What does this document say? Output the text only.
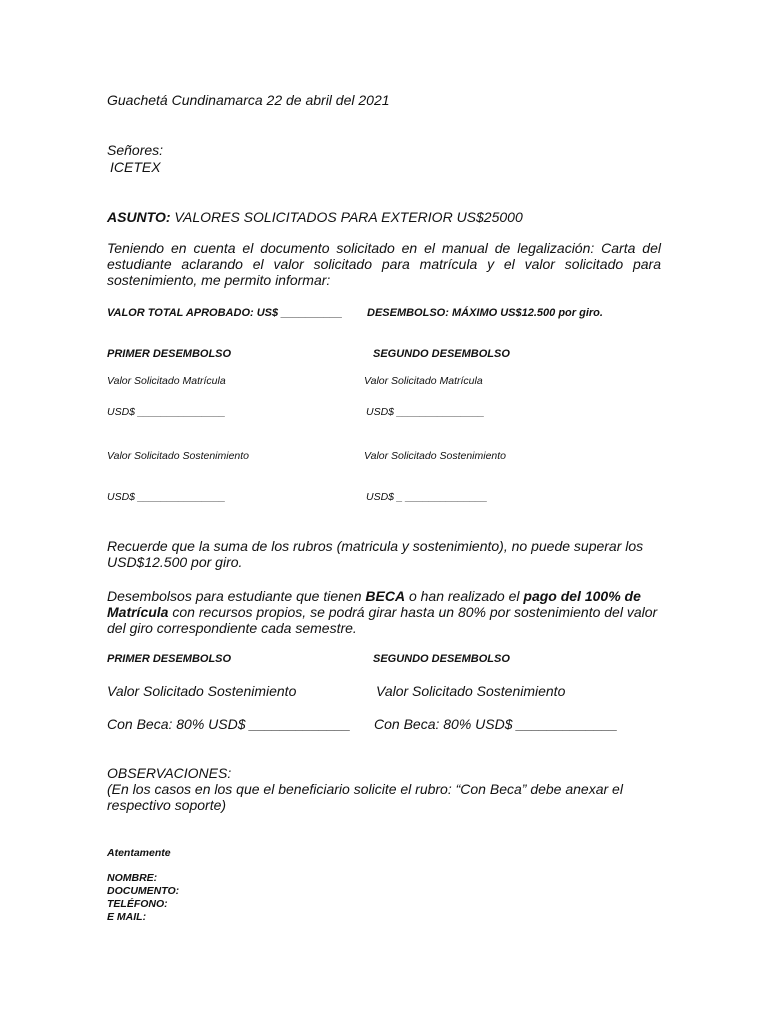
Guachetá Cundinamarca 22 de abril del 2021
Señores:
ICETEX
ASUNTO: VALORES SOLICITADOS PARA EXTERIOR US$25000
Teniendo en cuenta el documento solicitado en el manual de legalización: Carta del estudiante aclarando el valor solicitado para matrícula y el valor solicitado para sostenimiento, me permito informar:
VALOR TOTAL APROBADO: US$ __________ DESEMBOLSO: MÁXIMO US$12.500 por giro.
PRIMER DESEMBOLSO	SEGUNDO DESEMBOLSO
Valor Solicitado Matrícula	Valor Solicitado Matrícula
USD$ _______________	USD$ _______________
Valor Solicitado Sostenimiento	Valor Solicitado Sostenimiento
USD$ _______________	USD$ _ ______________
Recuerde que la suma de los rubros (matricula y sostenimiento), no puede superar los USD$12.500 por giro.
Desembolsos para estudiante que tienen BECA o han realizado el pago del 100% de Matrícula con recursos propios, se podrá girar hasta un 80% por sostenimiento del valor del giro correspondiente cada semestre.
PRIMER DESEMBOLSO	SEGUNDO DESEMBOLSO
Valor Solicitado Sostenimiento	Valor Solicitado Sostenimiento
Con Beca: 80% USD$ _____________ Con Beca: 80% USD$ _____________
OBSERVACIONES:
(En los casos en los que el beneficiario solicite el rubro: “Con Beca” debe anexar el respectivo soporte)
Atentamente
NOMBRE:
DOCUMENTO:
TELÉFONO:
E MAIL:
